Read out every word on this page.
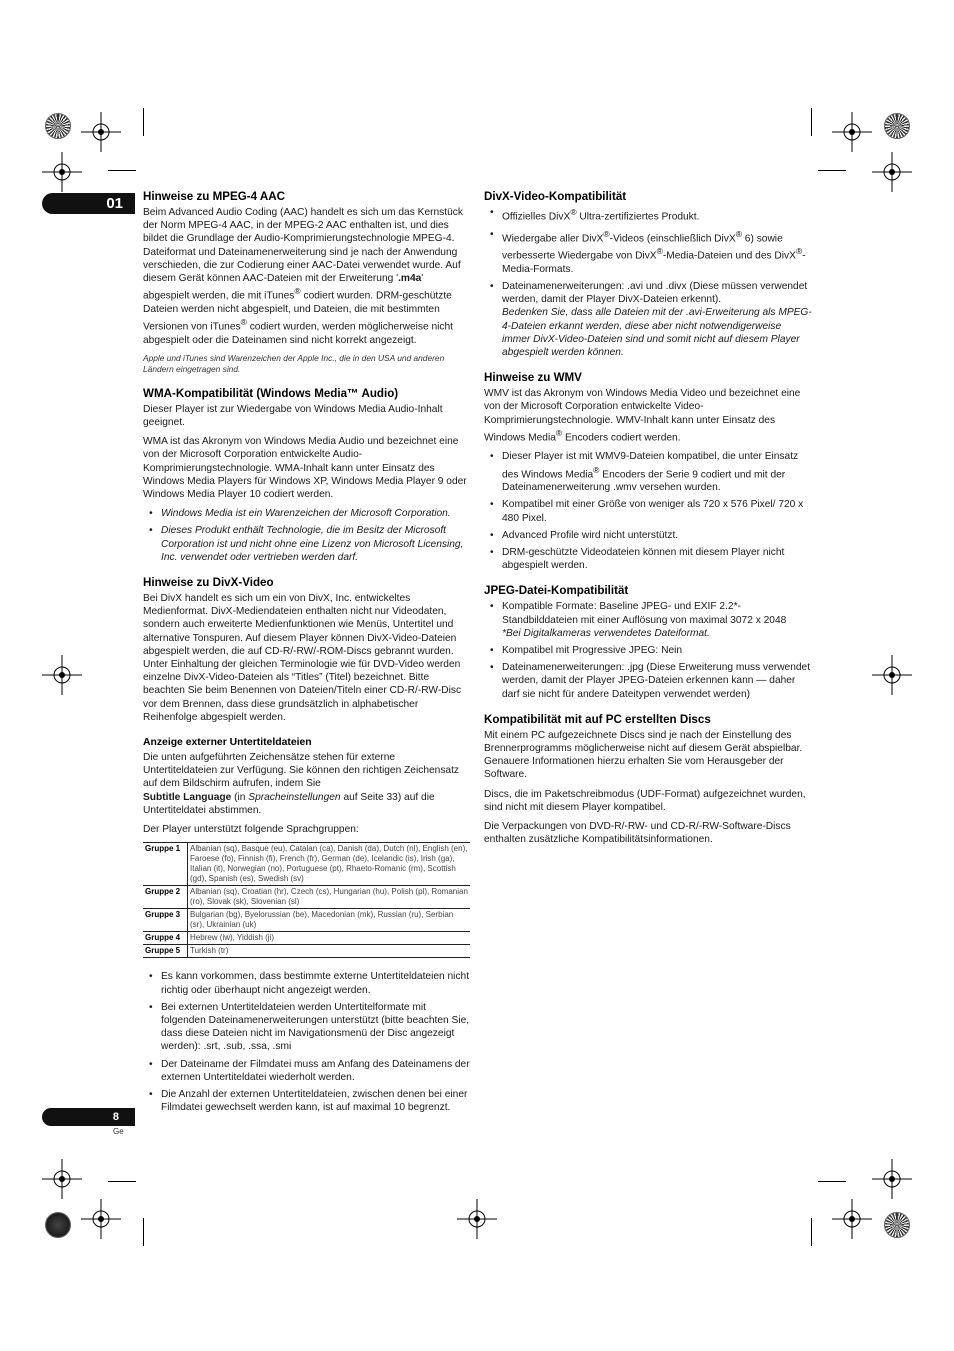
01
8
Ge
Hinweise zu MPEG-4 AAC

Beim Advanced Audio Coding (AAC) handelt es sich um das Kernstück der Norm MPEG-4 AAC, in der MPEG-2 AAC enthalten ist, und dies bildet die Grundlage der Audio-Komprimierungstechnologie MPEG-4. Dateiformat und Dateinamenerweiterung sind je nach der Anwendung verschieden, die zur Codierung einer AAC-Datei verwendet wurde. Auf diesem Gerät können AAC-Dateien mit der Erweiterung '.m4a' abgespielt werden, die mit iTunes® codiert wurden. DRM-geschützte Dateien werden nicht abgespielt, und Dateien, die mit bestimmten Versionen von iTunes® codiert wurden, werden möglicherweise nicht abgespielt oder die Dateinamen sind nicht korrekt angezeigt.

Apple und iTunes sind Warenzeichen der Apple Inc., die in den USA und anderen Ländern eingetragen sind.

WMA-Kompatibilität (Windows Media™ Audio)

Dieser Player ist zur Wiedergabe von Windows Media Audio-Inhalt geeignet.

WMA ist das Akronym von Windows Media Audio und bezeichnet eine von der Microsoft Corporation entwickelte Audio-Komprimierungstechnologie. WMA-Inhalt kann unter Einsatz des Windows Media Players für Windows XP, Windows Media Player 9 oder Windows Media Player 10 codiert werden.

• Windows Media ist ein Warenzeichen der Microsoft Corporation.
• Dieses Produkt enthält Technologie, die im Besitz der Microsoft Corporation ist und nicht ohne eine Lizenz von Microsoft Licensing, Inc. verwendet oder vertrieben werden darf.
Hinweise zu DivX-Video

Bei DivX handelt es sich um ein von DivX, Inc. entwickeltes Medienformat. DivX-Mediendateien enthalten nicht nur Videodaten, sondern auch erweiterte Medienfunktionen wie Menüs, Untertitel und alternative Tonspuren. Auf diesem Player können DivX-Video-Dateien abgespielt werden, die auf CD-R/-RW/-ROM-Discs gebrannt wurden. Unter Einhaltung der gleichen Terminologie wie für DVD-Video werden einzelne DivX-Video-Dateien als “Titles” (Titel) bezeichnet. Bitte beachten Sie beim Benennen von Dateien/Titeln einer CD-R/-RW-Disc vor dem Brennen, dass diese grundsätzlich in alphabetischer Reihenfolge abgespielt werden.

Anzeige externer Untertiteldateien

Die unten aufgeführten Zeichensätze stehen für externe Untertiteldateien zur Verfügung. Sie können den richtigen Zeichensatz auf dem Bildschirm aufrufen, indem Sie
Subtitle Language (in Spracheinstellungen auf Seite 33) auf die Untertiteldatei abstimmen.

Der Player unterstützt folgende Sprachgruppen:

Gruppe 1	Albanian (sq), Basque (eu), Catalan (ca), Danish (da), Dutch (nl), English (en), Faroese (fo), Finnish (fi), French (fr), German (de), Icelandic (is), Irish (ga), Italian (it), Norwegian (no), Portuguese (pt), Rhaeto-Romanic (rm), Scottish (gd), Spanish (es), Swedish (sv)
Gruppe 2	Albanian (sq), Croatian (hr), Czech (cs), Hungarian (hu), Polish (pl), Romanian (ro), Slovak (sk), Slovenian (sl)
Gruppe 3	Bulgarian (bg), Byelorussian (be), Macedonian (mk), Russian (ru), Serbian (sr), Ukrainian (uk)
Gruppe 4	Hebrew (iw), Yiddish (ji)
Gruppe 5	Turkish (tr)
• Es kann vorkommen, dass bestimmte externe Untertiteldateien nicht richtig oder überhaupt nicht angezeigt werden.
• Bei externen Untertiteldateien werden Untertitelformate mit folgenden Dateinamenerweiterungen unterstützt (bitte beachten Sie, dass diese Dateien nicht im Navigationsmenü der Disc angezeigt werden): .srt, .sub, .ssa, .smi
• Der Dateiname der Filmdatei muss am Anfang des Dateinamens der externen Untertiteldatei wiederholt werden.
• Die Anzahl der externen Untertiteldateien, zwischen denen bei einer Filmdatei gewechselt werden kann, ist auf maximal 10 begrenzt.
DivX-Video-Kompatibilität
• Offizielles DivX® Ultra-zertifiziertes Produkt.
• Wiedergabe aller DivX®-Videos (einschließlich DivX® 6) sowie verbesserte Wiedergabe von DivX®-Media-Dateien und des DivX®-Media-Formats.
• Dateinamenerweiterungen: .avi und .divx (Diese müssen verwendet werden, damit der Player DivX-Dateien erkennt).
Bedenken Sie, dass alle Dateien mit der .avi-Erweiterung als MPEG-4-Dateien erkannt werden, diese aber nicht notwendigerweise immer DivX-Video-Dateien sind und somit nicht auf diesem Player abgespielt werden können.
Hinweise zu WMV

WMV ist das Akronym von Windows Media Video und bezeichnet eine von der Microsoft Corporation entwickelte Video-Komprimierungstechnologie. WMV-Inhalt kann unter Einsatz des Windows Media® Encoders codiert werden.

• Dieser Player ist mit WMV9-Dateien kompatibel, die unter Einsatz des Windows Media® Encoders der Serie 9 codiert und mit der Dateinamenerweiterung .wmv versehen wurden.
• Kompatibel mit einer Größe von weniger als 720 x 576 Pixel/ 720 x 480 Pixel.
• Advanced Profile wird nicht unterstützt.
• DRM-geschützte Videodateien können mit diesem Player nicht abgespielt werden.
JPEG-Datei-Kompatibilität
• Kompatible Formate: Baseline JPEG- und EXIF 2.2*-Standbilddateien mit einer Auflösung von maximal 3072 x 2048
*Bei Digitalkameras verwendetes Dateiformat.
• Kompatibel mit Progressive JPEG: Nein
• Dateinamenerweiterungen: .jpg (Diese Erweiterung muss verwendet werden, damit der Player JPEG-Dateien erkennen kann — daher darf sie nicht für andere Dateitypen verwendet werden)
Kompatibilität mit auf PC erstellten Discs

Mit einem PC aufgezeichnete Discs sind je nach der Einstellung des Brennerprogramms möglicherweise nicht auf diesem Gerät abspielbar. Genauere Informationen hierzu erhalten Sie vom Herausgeber der Software.

Discs, die im Paketschreibmodus (UDF-Format) aufgezeichnet wurden, sind nicht mit diesem Player kompatibel.

Die Verpackungen von DVD-R/-RW- und CD-R/-RW-Software-Discs enthalten zusätzliche Kompatibilitätsinformationen.
